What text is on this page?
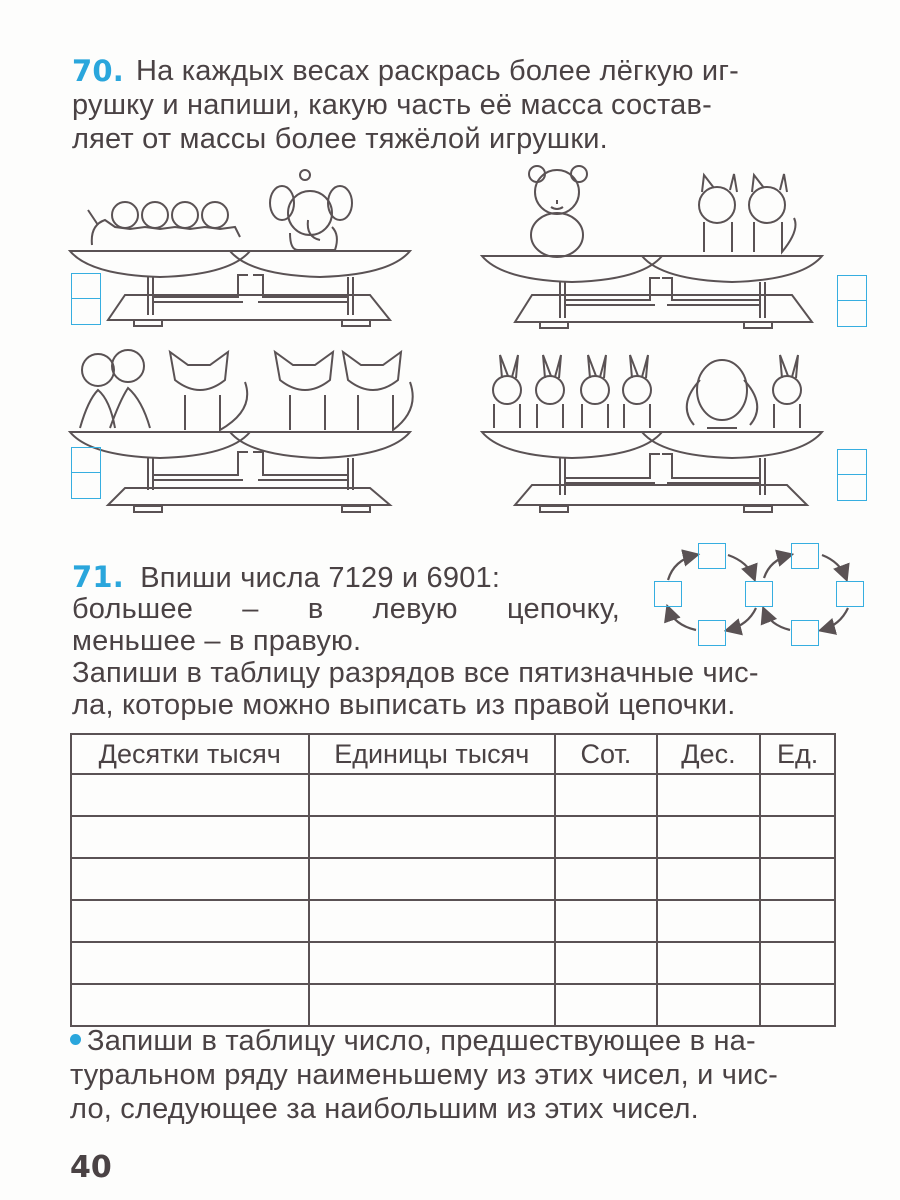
70. На каждых весах раскрась более лёгкую иг-
рушку и напиши, какую часть её масса состав-
ляет от массы более тяжёлой игрушки.
71. Впиши числа 7129 и 6901:
большее – в левую цепочку,
меньшее – в правую.
Запиши в таблицу разрядов все пятизначные чис-
ла, которые можно выписать из правой цепочки.
Десятки тысяч	Единицы тысяч	Сот.	Дес.	Ед.

Запиши в таблицу число, предшествующее в на-
туральном ряду наименьшему из этих чисел, и чис-
ло, следующее за наибольшим из этих чисел.
40
